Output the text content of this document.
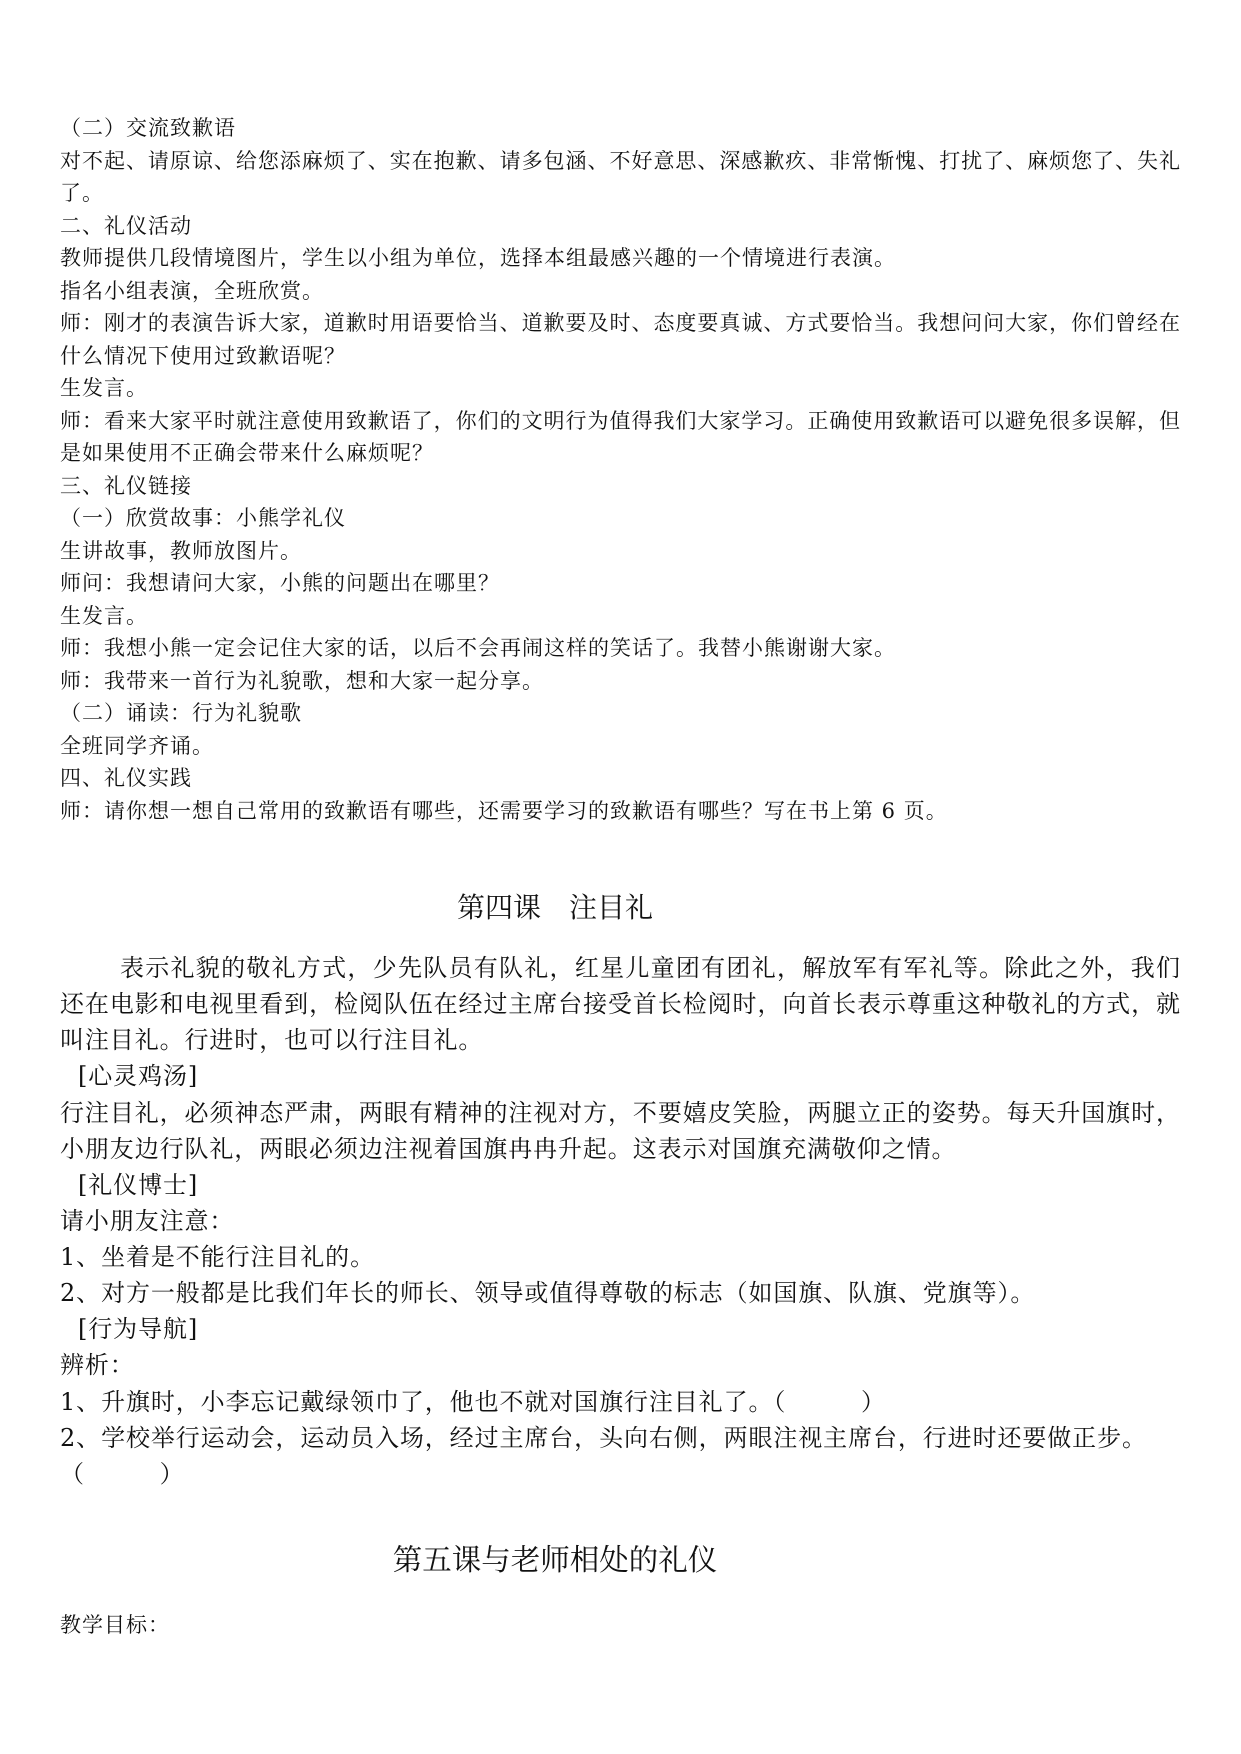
（二）交流致歉语
对不起、请原谅、给您添麻烦了、实在抱歉、请多包涵、不好意思、深感歉疚、非常惭愧、打扰了、麻烦您了、失礼
了。
二、礼仪活动
教师提供几段情境图片，学生以小组为单位，选择本组最感兴趣的一个情境进行表演。
指名小组表演，全班欣赏。
师：刚才的表演告诉大家，道歉时用语要恰当、道歉要及时、态度要真诚、方式要恰当。我想问问大家，你们曾经在
什么情况下使用过致歉语呢？
生发言。
师：看来大家平时就注意使用致歉语了，你们的文明行为值得我们大家学习。正确使用致歉语可以避免很多误解，但
是如果使用不正确会带来什么麻烦呢？
三、礼仪链接
（一）欣赏故事：小熊学礼仪
生讲故事，教师放图片。
师问：我想请问大家，小熊的问题出在哪里？
生发言。
师：我想小熊一定会记住大家的话，以后不会再闹这样的笑话了。我替小熊谢谢大家。
师：我带来一首行为礼貌歌，想和大家一起分享。
（二）诵读：行为礼貌歌
全班同学齐诵。
四、礼仪实践
师：请你想一想自己常用的致歉语有哪些，还需要学习的致歉语有哪些？写在书上第 6 页。
第四课　注目礼
表示礼貌的敬礼方式，少先队员有队礼，红星儿童团有团礼，解放军有军礼等。除此之外，我们
还在电影和电视里看到，检阅队伍在经过主席台接受首长检阅时，向首长表示尊重这种敬礼的方式，就
叫注目礼。行进时，也可以行注目礼。
[心灵鸡汤]
行注目礼，必须神态严肃，两眼有精神的注视对方，不要嬉皮笑脸，两腿立正的姿势。每天升国旗时，
小朋友边行队礼，两眼必须边注视着国旗冉冉升起。这表示对国旗充满敬仰之情。
[礼仪博士]
请小朋友注意：
1、坐着是不能行注目礼的。
2、对方一般都是比我们年长的师长、领导或值得尊敬的标志（如国旗、队旗、党旗等）。
[行为导航]
辨析：
1、升旗时，小李忘记戴绿领巾了，他也不就对国旗行注目礼了。（　　　）
2、学校举行运动会，运动员入场，经过主席台，头向右侧，两眼注视主席台，行进时还要做正步。
（　　　）
第五课与老师相处的礼仪
教学目标：
